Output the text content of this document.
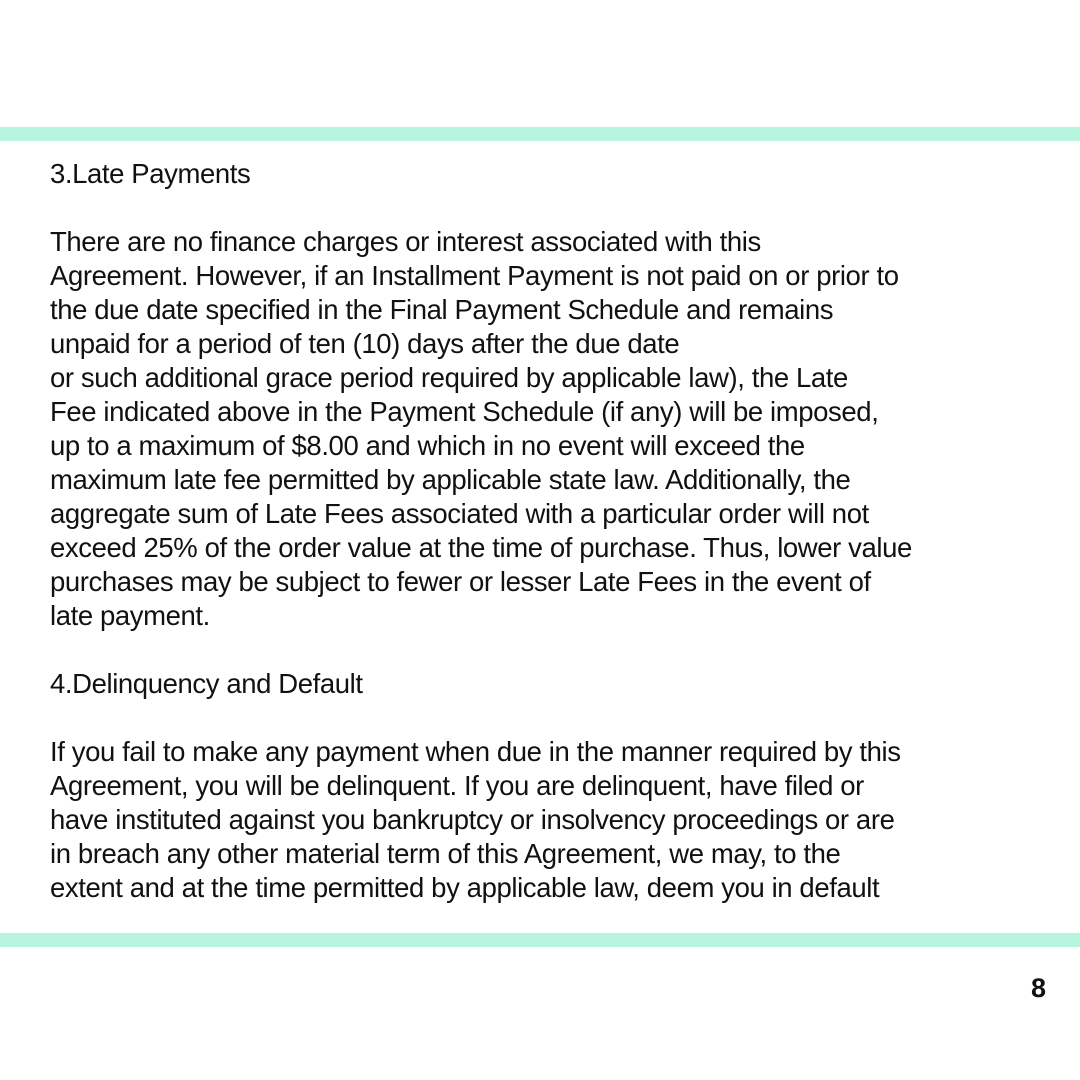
3.Late Payments
There are no finance charges or interest associated with this
Agreement. However, if an Installment Payment is not paid on or prior to
the due date specified in the Final Payment Schedule and remains
unpaid for a period of ten (10) days after the due date
or such additional grace period required by applicable law), the Late
Fee indicated above in the Payment Schedule (if any) will be imposed,
up to a maximum of $8.00 and which in no event will exceed the
maximum late fee permitted by applicable state law. Additionally, the
aggregate sum of Late Fees associated with a particular order will not
exceed 25% of the order value at the time of purchase. Thus, lower value
purchases may be subject to fewer or lesser Late Fees in the event of
late payment.
4.Delinquency and Default
If you fail to make any payment when due in the manner required by this
Agreement, you will be delinquent. If you are delinquent, have filed or
have instituted against you bankruptcy or insolvency proceedings or are
in breach any other material term of this Agreement, we may, to the
extent and at the time permitted by applicable law, deem you in default
8
